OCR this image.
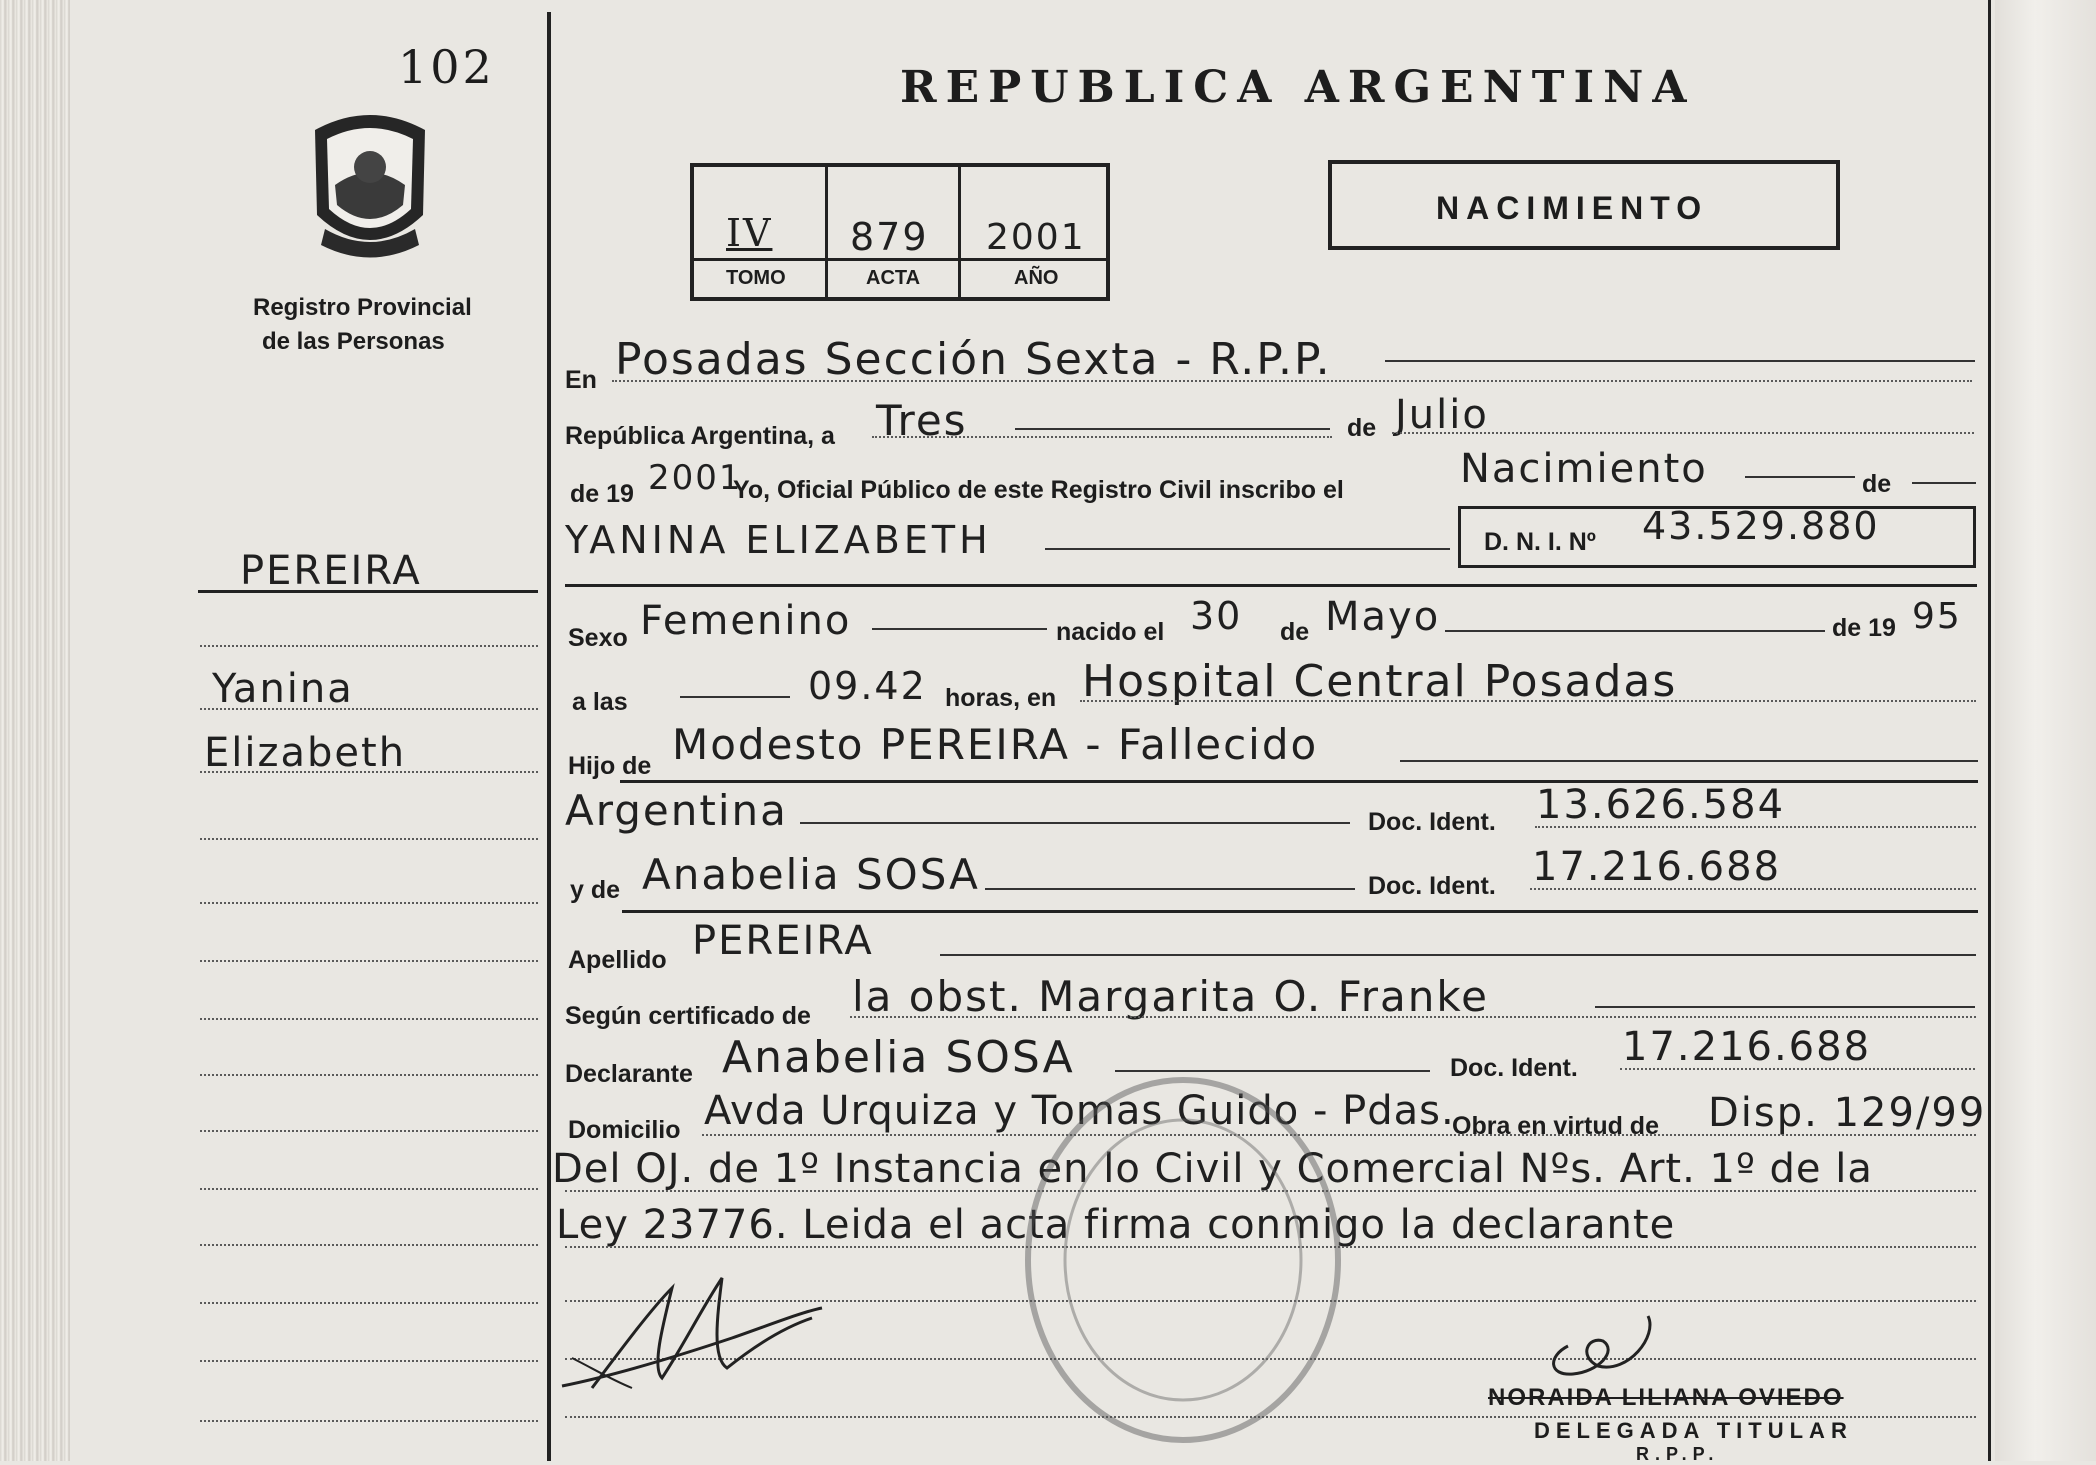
102
Registro Provincial
de las Personas
PEREIRA
Yanina
Elizabeth
REPUBLICA ARGENTINA
IV 879 2001
TOMO	ACTA	AÑO
NACIMIENTO
En Posadas Sección Sexta - R.P.P.
República Argentina, a Tres	de Julio
de 19 2001
Yo, Oficial Público de este Registro Civil inscribo el	Nacimiento	de
YANINA ELIZABETH	D. N. I. Nº 43.529.880
Sexo Femenino	nacido el 30 de Mayo	de 19 95
a las	09.42 horas, en Hospital Central Posadas
Hijo de Modesto PEREIRA - Fallecido
Argentina	Doc. Ident. 13.626.584
y de Anabelia SOSA	Doc. Ident. 17.216.688
Apellido PEREIRA
Según certificado de la obst. Margarita O. Franke
Declarante Anabelia SOSA	Doc. Ident. 17.216.688
Domicilio Avda Urquiza y Tomas Guido - Pdas.
Obra en virtud de Disp. 129/99
Del OJ. de 1º Instancia en lo Civil y Comercial Nºs. Art. 1º de la
Ley 23776. Leida el acta firma conmigo la declarante
NORAIDA LILIANA OVIEDO
DELEGADA TITULAR
R.P.P.
